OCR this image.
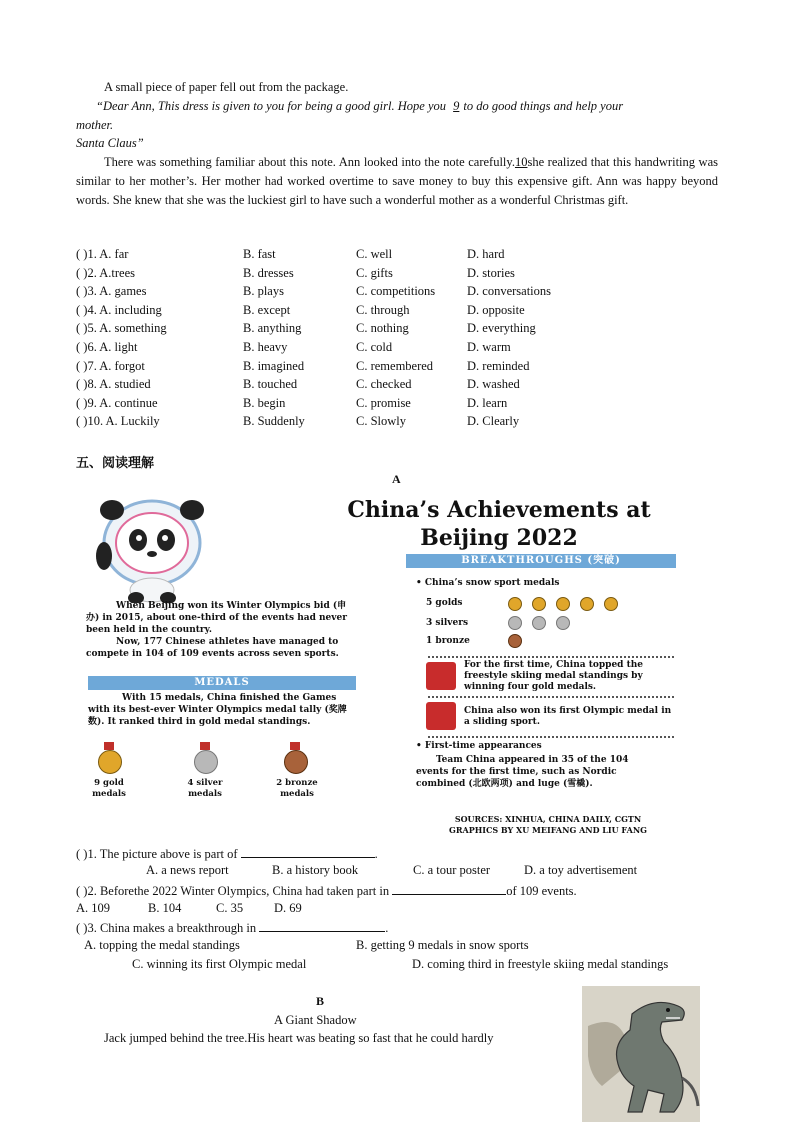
A small piece of paper fell out from the package.
“Dear Ann, This dress is given to you for being a good girl. Hope you 9 to do good things and help your
mother.
Santa Claus”
There was something familiar about this note. Ann looked into the note carefully.10she realized that this handwriting was similar to her mother’s. Her mother had worked overtime to save money to buy this expensive gift. Ann was happy beyond words. She knew that she was the luckiest girl to have such a wonderful mother as a wonderful Christmas gift.
( )1. A. far	B. fast	C. well	D. hard
( )2. A.trees	B. dresses	C. gifts	D. stories
( )3. A. games	B. plays	C. competitions	D. conversations
( )4. A. including	B. except	C. through	D. opposite
( )5. A. something	B. anything	C. nothing	D. everything
( )6. A. light	B. heavy	C. cold	D. warm
( )7. A. forgot	B. imagined	C. remembered	D. reminded
( )8. A. studied	B. touched	C. checked	D. washed
( )9. A. continue	B. begin	C. promise	D. learn
( )10. A. Luckily	B. Suddenly	C. Slowly	D. Clearly
五、阅读理解
A
China’s Achievements at
Beijing 2022
BREAKTHROUGHS (突破)
• China’s snow sport medals
5 golds
3 silvers
1 bronze
For the first time, China topped the freestyle skiing medal standings by winning four gold medals.
China also won its first Olympic medal in a sliding sport.
• First-time appearances
Team China appeared in 35 of the 104 events for the first time, such as Nordic combined (北欧两项) and luge (雪橇).
SOURCES: XINHUA, CHINA DAILY, CGTN
GRAPHICS BY XU MEIFANG AND LIU FANG
When Beijing won its Winter Olympics bid (申办) in 2015, about one-third of the events had never been held in the country.
Now, 177 Chinese athletes have managed to compete in 104 of 109 events across seven sports.
MEDALS
With 15 medals, China finished the Games with its best-ever Winter Olympics medal tally (奖牌数). It ranked third in gold medal standings.
9 gold
medals
4 silver
medals
2 bronze
medals
( )1. The picture above is part of	.
A. a news report	B. a history book	C. a tour poster	D. a toy advertisement
( )2. Beforethe 2022 Winter Olympics, China had taken part in	of 109 events.
A. 109	B. 104	C. 35 D. 69
( )3. China makes a breakthrough in	.
A. topping the medal standings	B. getting 9 medals in snow sports
C. winning its first Olympic medal	D. coming third in freestyle skiing medal standings
B
A Giant Shadow
Jack jumped behind the tree.His heart was beating so fast that he could hardly
